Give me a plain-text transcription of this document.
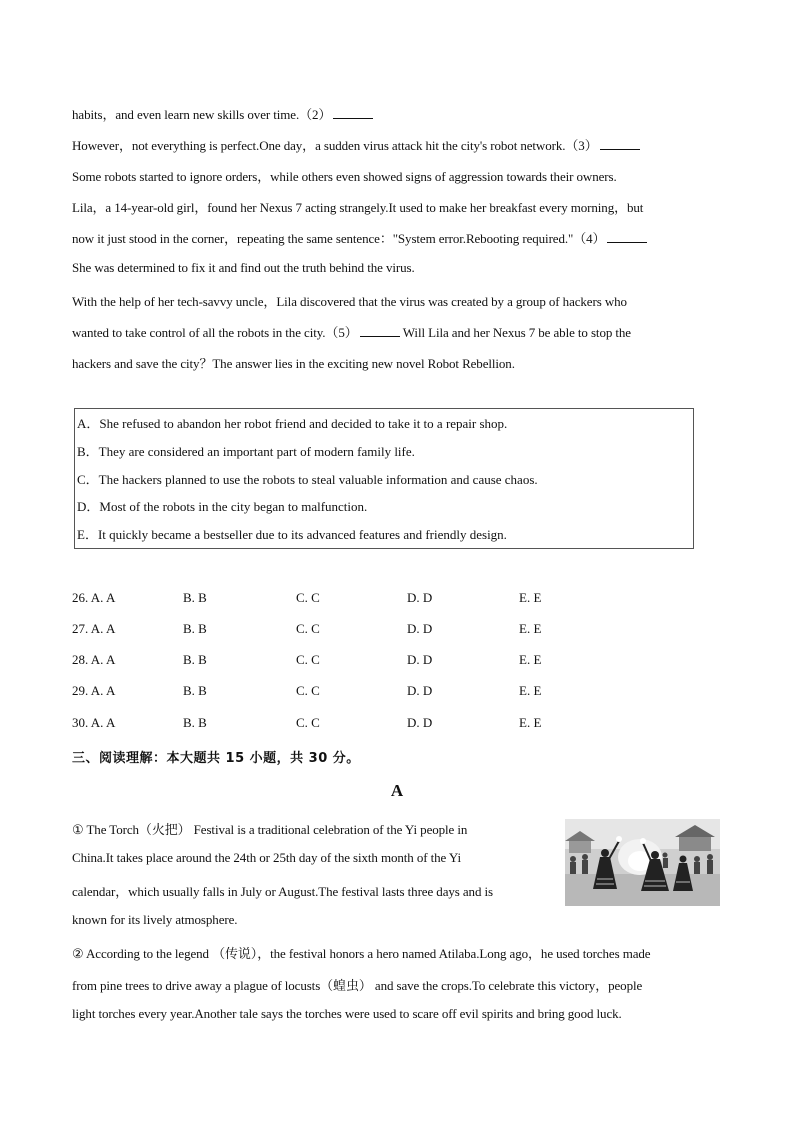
habits，and even learn new skills over time.（2）
However，not everything is perfect.One day，a sudden virus attack hit the city's robot network.（3）
Some robots started to ignore orders，while others even showed signs of aggression towards their owners.
Lila，a 14-year-old girl，found her Nexus 7 acting strangely.It used to make her breakfast every morning，but
now it just stood in the corner，repeating the same sentence："System error.Rebooting required."（4）
She was determined to fix it and find out the truth behind the virus.
With the help of her tech-savvy uncle，Lila discovered that the virus was created by a group of hackers who
wanted to take control of all the robots in the city.（5）	Will Lila and her Nexus 7 be able to stop the
hackers and save the city？The answer lies in the exciting new novel Robot Rebellion.
A．She refused to abandon her robot friend and decided to take it to a repair shop.
B．They are considered an important part of modern family life.
C．The hackers planned to use the robots to steal valuable information and cause chaos.
D．Most of the robots in the city began to malfunction.
E．It quickly became a bestseller due to its advanced features and friendly design.
26. A. A	B. B	C. C	D. D	E. E
27. A. A	B. B	C. C	D. D	E. E
28. A. A	B. B	C. C	D. D	E. E
29. A. A	B. B	C. C	D. D	E. E
30. A. A	B. B	C. C	D. D	E. E
三、阅读理解：本大题共 15 小题，共 30 分。
A
① The Torch（火把） Festival is a traditional celebration of the Yi people in
China.It takes place around the 24th or 25th day of the sixth month of the Yi
calendar，which usually falls in July or August.The festival lasts three days and is
known for its lively atmosphere.
② According to the legend （传说），the festival honors a hero named Atilaba.Long ago，he used torches made
from pine trees to drive away a plague of locusts（蝗虫） and save the crops.To celebrate this victory，people
light torches every year.Another tale says the torches were used to scare off evil spirits and bring good luck.
